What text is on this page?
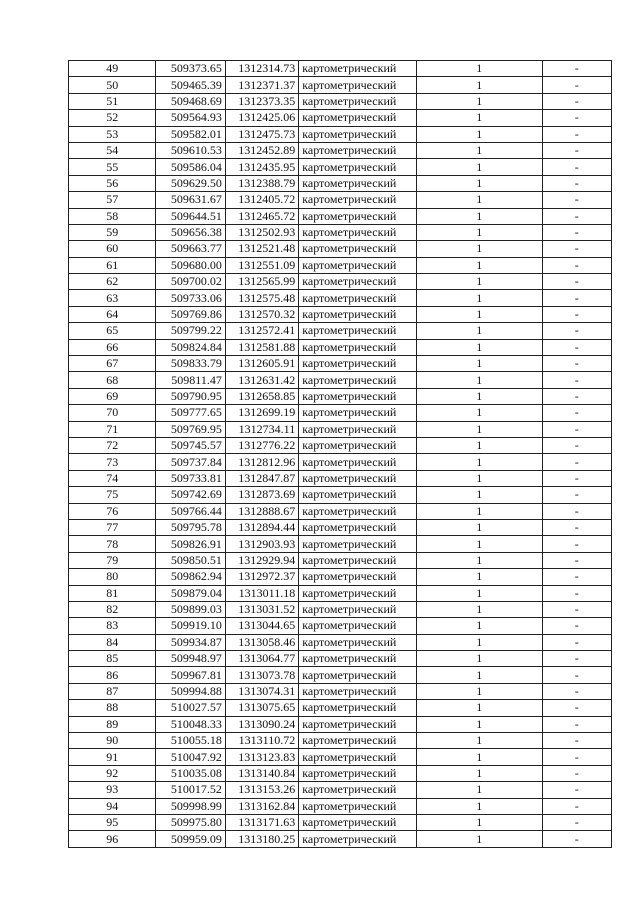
49	509373.65	1312314.73	картометрический	1	-
50	509465.39	1312371.37	картометрический	1	-
51	509468.69	1312373.35	картометрический	1	-
52	509564.93	1312425.06	картометрический	1	-
53	509582.01	1312475.73	картометрический	1	-
54	509610.53	1312452.89	картометрический	1	-
55	509586.04	1312435.95	картометрический	1	-
56	509629.50	1312388.79	картометрический	1	-
57	509631.67	1312405.72	картометрический	1	-
58	509644.51	1312465.72	картометрический	1	-
59	509656.38	1312502.93	картометрический	1	-
60	509663.77	1312521.48	картометрический	1	-
61	509680.00	1312551.09	картометрический	1	-
62	509700.02	1312565.99	картометрический	1	-
63	509733.06	1312575.48	картометрический	1	-
64	509769.86	1312570.32	картометрический	1	-
65	509799.22	1312572.41	картометрический	1	-
66	509824.84	1312581.88	картометрический	1	-
67	509833.79	1312605.91	картометрический	1	-
68	509811.47	1312631.42	картометрический	1	-
69	509790.95	1312658.85	картометрический	1	-
70	509777.65	1312699.19	картометрический	1	-
71	509769.95	1312734.11	картометрический	1	-
72	509745.57	1312776.22	картометрический	1	-
73	509737.84	1312812.96	картометрический	1	-
74	509733.81	1312847.87	картометрический	1	-
75	509742.69	1312873.69	картометрический	1	-
76	509766.44	1312888.67	картометрический	1	-
77	509795.78	1312894.44	картометрический	1	-
78	509826.91	1312903.93	картометрический	1	-
79	509850.51	1312929.94	картометрический	1	-
80	509862.94	1312972.37	картометрический	1	-
81	509879.04	1313011.18	картометрический	1	-
82	509899.03	1313031.52	картометрический	1	-
83	509919.10	1313044.65	картометрический	1	-
84	509934.87	1313058.46	картометрический	1	-
85	509948.97	1313064.77	картометрический	1	-
86	509967.81	1313073.78	картометрический	1	-
87	509994.88	1313074.31	картометрический	1	-
88	510027.57	1313075.65	картометрический	1	-
89	510048.33	1313090.24	картометрический	1	-
90	510055.18	1313110.72	картометрический	1	-
91	510047.92	1313123.83	картометрический	1	-
92	510035.08	1313140.84	картометрический	1	-
93	510017.52	1313153.26	картометрический	1	-
94	509998.99	1313162.84	картометрический	1	-
95	509975.80	1313171.63	картометрический	1	-
96	509959.09	1313180.25	картометрический	1	-
